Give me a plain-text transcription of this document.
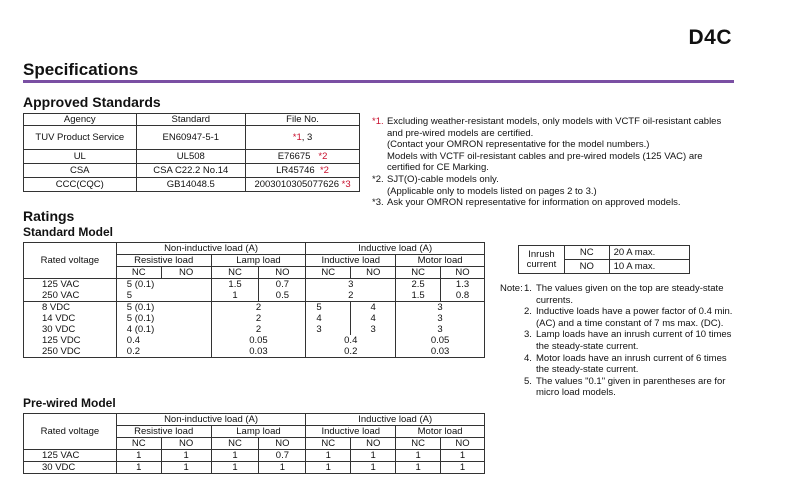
D4C
Specifications
Approved Standards
Agency	Standard	File No.
TUV Product Service	EN60947-5-1	*1, 3
UL	UL508	E76675 *2
CSA	CSA C22.2 No.14	LR45746 *2
CCC(CQC)	GB14048.5	2003010305077626 *3
*1. Excluding weather-resistant models, only models with VCTF oil-resistant cables
and pre-wired models are certified.
(Contact your OMRON representative for the model numbers.)
Models with VCTF oil-resistant cables and pre-wired models (125 VAC) are
certified for CE Marking.
*2. SJT(O)-cable models only.
(Applicable only to models listed on pages 2 to 3.)
*3. Ask your OMRON representative for information on approved models.
Ratings
Standard Model
Rated voltage	Non-inductive load (A)				Inductive load (A)			
	Resistive load		Lamp load		Inductive load		Motor load	
	NC	NO	NC	NO	NC	NO	NC	NO
125 VAC	5 (0.1)		1.5	0.7	3		2.5	1.3
250 VAC	5		1	0.5	2		1.5	0.8
8 VDC	5 (0.1)		2		5	4	3	
14 VDC	5 (0.1)		2		4	4	3	
30 VDC	4 (0.1)		2		3	3	3	
125 VDC	0.4		0.05		0.4		0.05	
250 VDC	0.2		0.03		0.2		0.03	
Inrush
current	NC	20 A max.
	NO	10 A max.
Note: 1. The values given on the top are steady-state
currents.
2. Inductive loads have a power factor of 0.4 min.
(AC) and a time constant of 7 ms max. (DC).
3. Lamp loads have an inrush current of 10 times
the steady-state current.
4. Motor loads have an inrush current of 6 times
the steady-state current.
5. The values "0.1" given in parentheses are for
micro load models.
Pre-wired Model
Rated voltage	Non-inductive load (A)				Inductive load (A)			
	Resistive load		Lamp load		Inductive load		Motor load	
	NC	NO	NC	NO	NC	NO	NC	NO
125 VAC	1	1	1	0.7	1	1	1	1
30 VDC	1	1	1	1	1	1	1	1
